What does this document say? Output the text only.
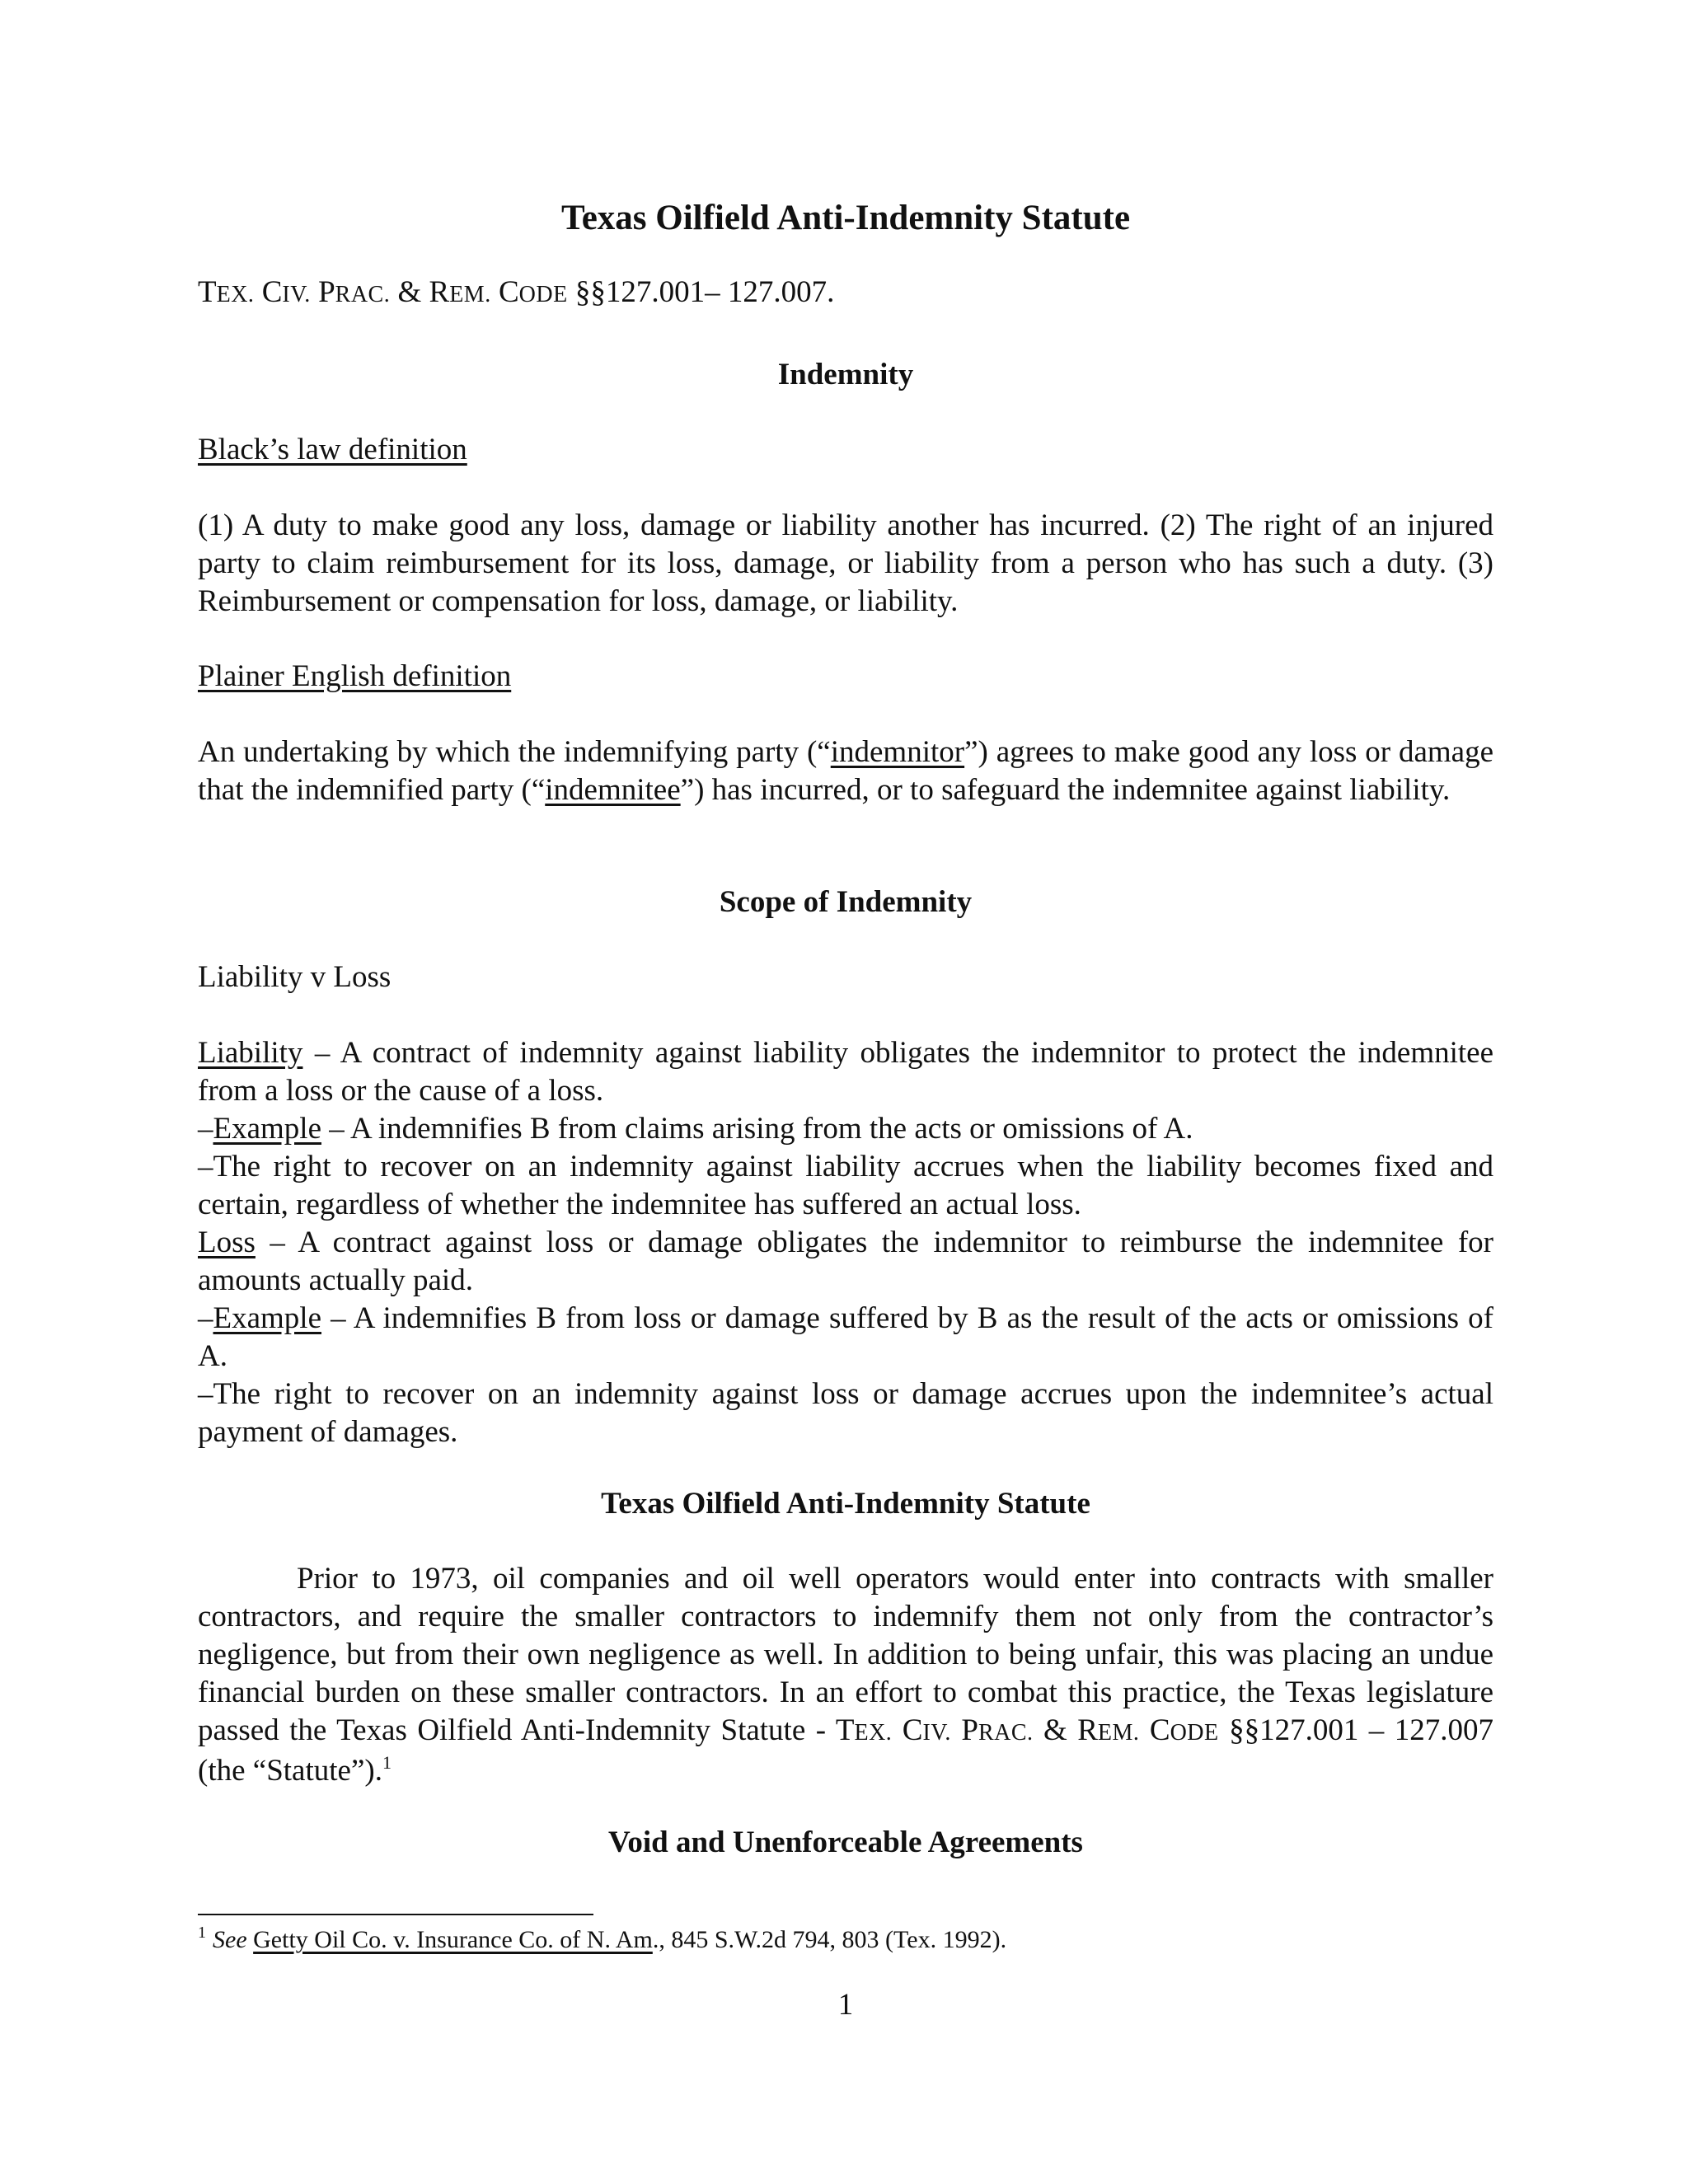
Texas Oilfield Anti-Indemnity Statute
TEX. CIV. PRAC. & REM. CODE §§127.001– 127.007.
Indemnity
Black’s law definition
(1) A duty to make good any loss, damage or liability another has incurred. (2) The right of an injured party to claim reimbursement for its loss, damage, or liability from a person who has such a duty. (3) Reimbursement or compensation for loss, damage, or liability.
Plainer English definition
An undertaking by which the indemnifying party (“indemnitor”) agrees to make good any loss or damage that the indemnified party (“indemnitee”) has incurred, or to safeguard the indemnitee against liability.
Scope of Indemnity
Liability v Loss
Liability – A contract of indemnity against liability obligates the indemnitor to protect the indemnitee from a loss or the cause of a loss.
–Example – A indemnifies B from claims arising from the acts or omissions of A.
–The right to recover on an indemnity against liability accrues when the liability becomes fixed and certain, regardless of whether the indemnitee has suffered an actual loss.
Loss – A contract against loss or damage obligates the indemnitor to reimburse the indemnitee for amounts actually paid.
–Example – A indemnifies B from loss or damage suffered by B as the result of the acts or omissions of A.
–The right to recover on an indemnity against loss or damage accrues upon the indemnitee’s actual payment of damages.
Texas Oilfield Anti-Indemnity Statute
Prior to 1973, oil companies and oil well operators would enter into contracts with smaller contractors, and require the smaller contractors to indemnify them not only from the contractor’s negligence, but from their own negligence as well. In addition to being unfair, this was placing an undue financial burden on these smaller contractors. In an effort to combat this practice, the Texas legislature passed the Texas Oilfield Anti-Indemnity Statute - TEX. CIV. PRAC. & REM. CODE §§127.001 – 127.007 (the “Statute”).$^1$
Void and Unenforceable Agreements
$^1$ See Getty Oil Co. v. Insurance Co. of N. Am., 845 S.W.2d 794, 803 (Tex. 1992).
1
